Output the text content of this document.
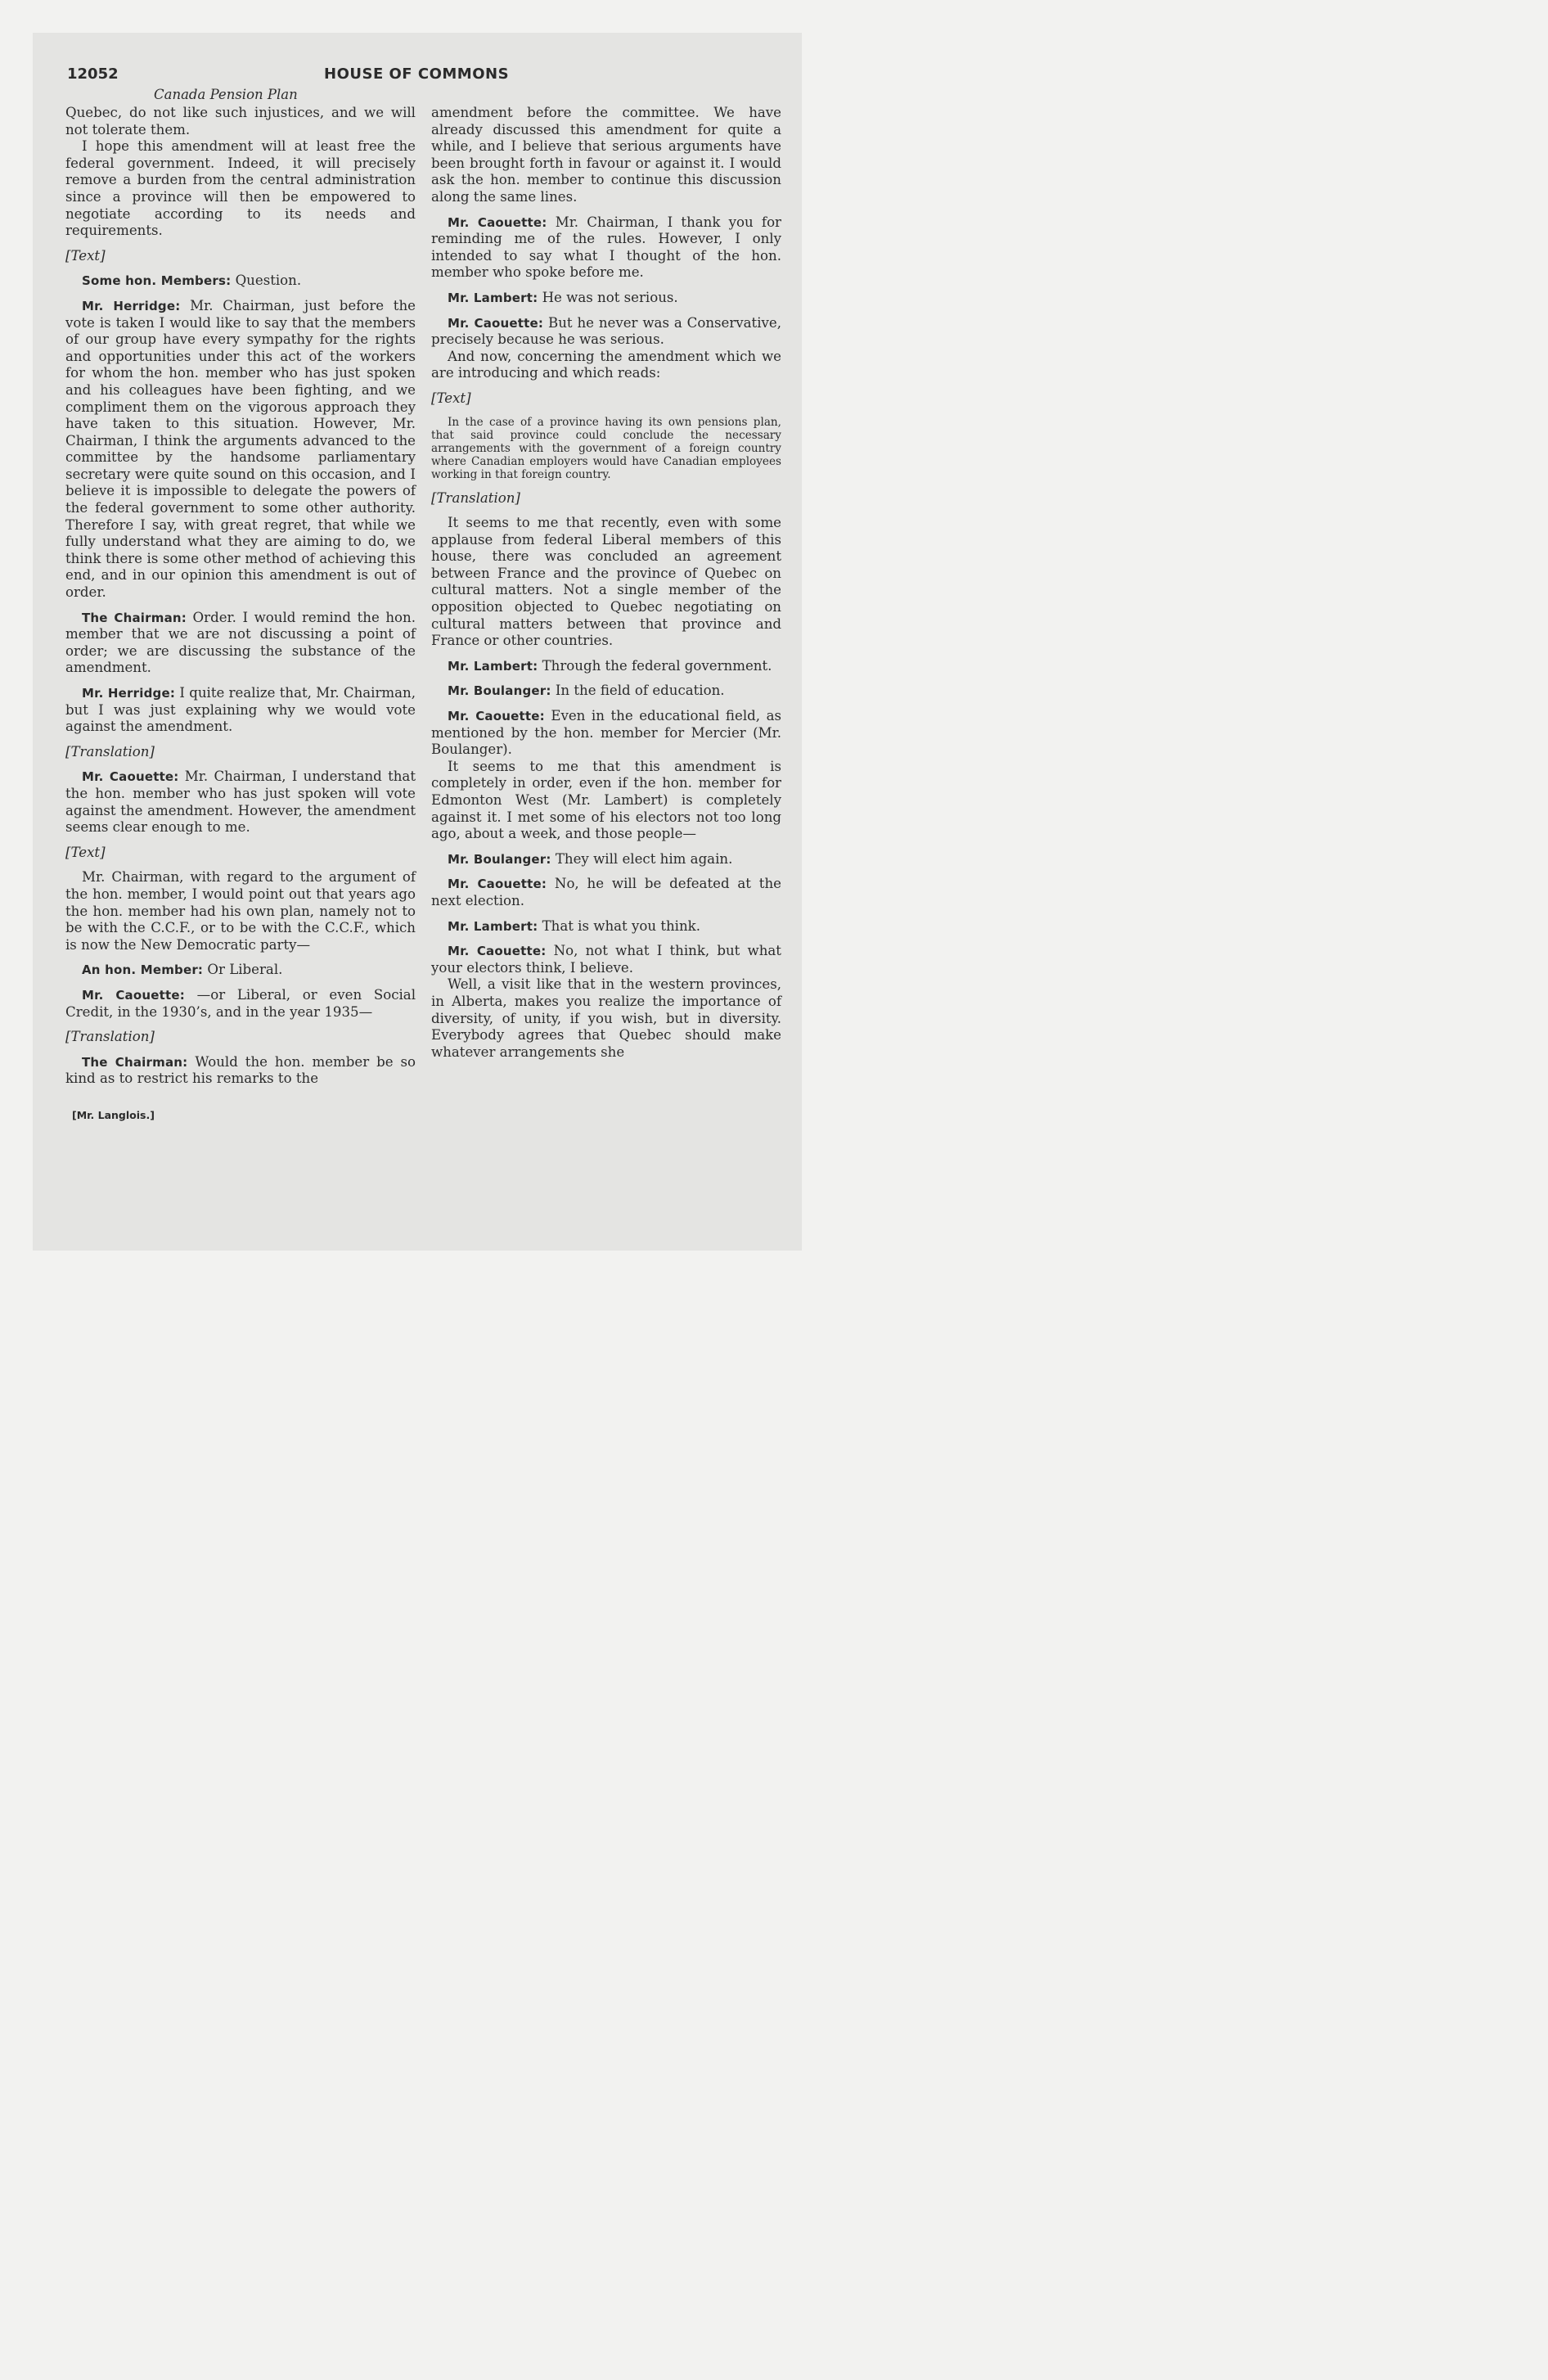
12052	HOUSE OF COMMONS
Canada Pension Plan

Quebec, do not like such injustices, and we will not tolerate them.

I hope this amendment will at least free the federal government. Indeed, it will precisely remove a burden from the central administration since a province will then be empowered to negotiate according to its needs and requirements.

[Text]

Some hon. Members: Question.

Mr. Herridge: Mr. Chairman, just before the vote is taken I would like to say that the members of our group have every sympathy for the rights and opportunities under this act of the workers for whom the hon. member who has just spoken and his colleagues have been fighting, and we compliment them on the vigorous approach they have taken to this situation. However, Mr. Chairman, I think the arguments advanced to the committee by the handsome parliamentary secretary were quite sound on this occasion, and I believe it is impossible to delegate the powers of the federal government to some other authority. Therefore I say, with great regret, that while we fully understand what they are aiming to do, we think there is some other method of achieving this end, and in our opinion this amendment is out of order.

The Chairman: Order. I would remind the hon. member that we are not discussing a point of order; we are discussing the substance of the amendment.

Mr. Herridge: I quite realize that, Mr. Chairman, but I was just explaining why we would vote against the amendment.

[Translation]

Mr. Caouette: Mr. Chairman, I understand that the hon. member who has just spoken will vote against the amendment. However, the amendment seems clear enough to me.

[Text]

Mr. Chairman, with regard to the argument of the hon. member, I would point out that years ago the hon. member had his own plan, namely not to be with the C.C.F., or to be with the C.C.F., which is now the New Democratic party—

An hon. Member: Or Liberal.

Mr. Caouette: —or Liberal, or even Social Credit, in the 1930’s, and in the year 1935—

[Translation]

The Chairman: Would the hon. member be so kind as to restrict his remarks to the

amendment before the committee. We have already discussed this amendment for quite a while, and I believe that serious arguments have been brought forth in favour or against it. I would ask the hon. member to continue this discussion along the same lines.

Mr. Caouette: Mr. Chairman, I thank you for reminding me of the rules. However, I only intended to say what I thought of the hon. member who spoke before me.

Mr. Lambert: He was not serious.

Mr. Caouette: But he never was a Conservative, precisely because he was serious.

And now, concerning the amendment which we are introducing and which reads:

[Text]

In the case of a province having its own pensions plan, that said province could conclude the necessary arrangements with the government of a foreign country where Canadian employers would have Canadian employees working in that foreign country.

[Translation]

It seems to me that recently, even with some applause from federal Liberal members of this house, there was concluded an agreement between France and the province of Quebec on cultural matters. Not a single member of the opposition objected to Quebec negotiating on cultural matters between that province and France or other countries.

Mr. Lambert: Through the federal government.

Mr. Boulanger: In the field of education.

Mr. Caouette: Even in the educational field, as mentioned by the hon. member for Mercier (Mr. Boulanger).

It seems to me that this amendment is completely in order, even if the hon. member for Edmonton West (Mr. Lambert) is completely against it. I met some of his electors not too long ago, about a week, and those people—

Mr. Boulanger: They will elect him again.

Mr. Caouette: No, he will be defeated at the next election.

Mr. Lambert: That is what you think.

Mr. Caouette: No, not what I think, but what your electors think, I believe.

Well, a visit like that in the western provinces, in Alberta, makes you realize the importance of diversity, of unity, if you wish, but in diversity. Everybody agrees that Quebec should make whatever arrangements she

[Mr. Langlois.]
